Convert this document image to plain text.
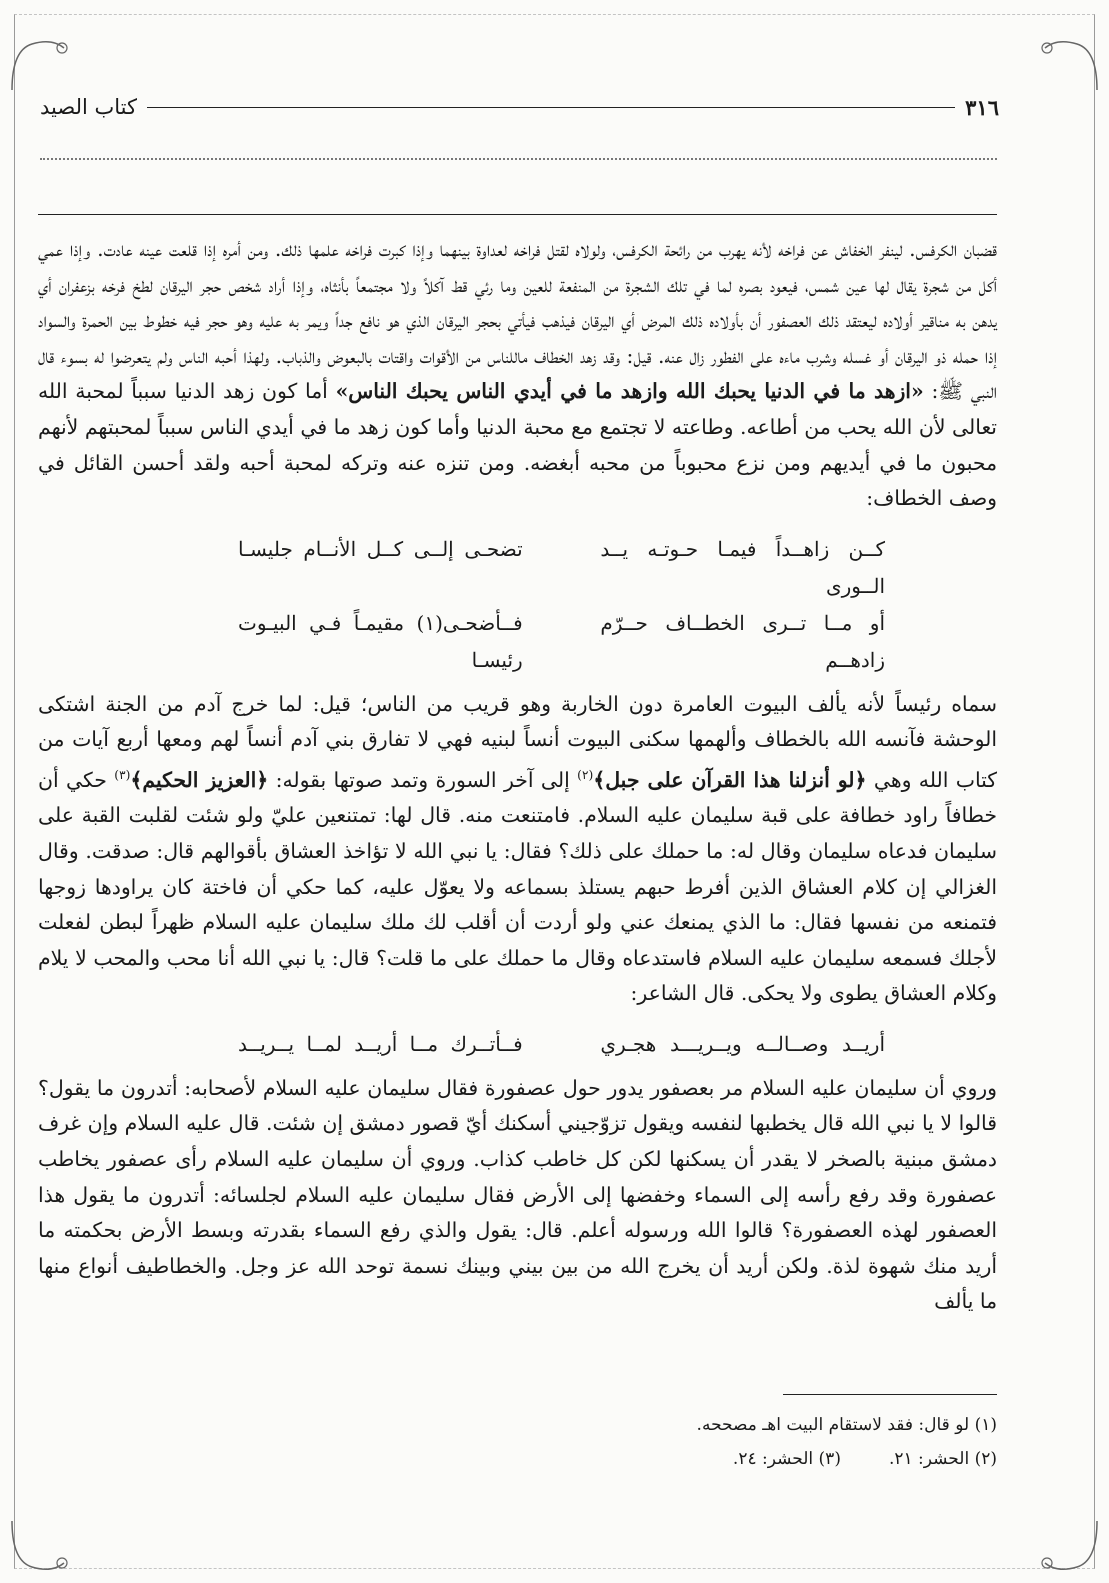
٣١٦
كتاب الصيد

قضبان الكرفس. لينفر الخفاش عن فراخه لأنه يهرب من رائحة الكرفس، ولولاه لقتل فراخه لعداوة بينهما وإذا كبرت فراخه علمها ذلك. ومن أمره إذا قلعت عينه عادت. وإذا عمي أكل من شجرة يقال لها عين شمس، فيعود بصره لما في تلك الشجرة من المنفعة للعين وما رئي قط آكلاً ولا مجتمعاً بأنثاه، وإذا أراد شخص حجر اليرقان لطخ فرخه بزعفران أي يدهن به مناقير أولاده ليعتقد ذلك العصفور أن بأولاده ذلك المرض أي اليرقان فيذهب فيأتي بحجر اليرقان الذي هو نافع جداً ويمر به عليه وهو حجر فيه خطوط بين الحمرة والسواد إذا حمله ذو اليرقان أو غسله وشرب ماءه على الفطور زال عنه. قيل: وقد زهد الخطاف ماللناس من الأقوات واقتات بالبعوض والذباب. ولهذا أحبه الناس ولم يتعرضوا له بسوء قال النبي ﷺ: «ازهد ما في الدنيا يحبك الله وازهد ما في أيدي الناس يحبك الناس» أما كون زهد الدنيا سبباً لمحبة الله تعالى لأن الله يحب من أطاعه. وطاعته لا تجتمع مع محبة الدنيا وأما كون زهد ما في أيدي الناس سبباً لمحبتهم لأنهم محبون ما في أيديهم ومن نزع محبوباً من محبه أبغضه. ومن تنزه عنه وتركه لمحبة أحبه ولقد أحسن القائل في وصف الخطاف:

كــن زاهــداً فيمـا حـوتـه يــد الــورى
تضحـى إلــى كــل الأنــام جليسـا
أو مــا تــرى الخطــاف حــرّم زادهــم
فــأضحـى(١) مقيمـاً فـي البيـوت رئيسـا

سماه رئيساً لأنه يألف البيوت العامرة دون الخاربة وهو قريب من الناس؛ قيل: لما خرج آدم من الجنة اشتكى الوحشة فآنسه الله بالخطاف وألهمها سكنى البيوت أنساً لبنيه فهي لا تفارق بني آدم أنساً لهم ومعها أربع آيات من كتاب الله وهي ﴿لو أنزلنا هذا القرآن على جبل﴾$^{(٢)}$ إلى آخر السورة وتمد صوتها بقوله: ﴿العزيز الحكيم﴾$^{(٣)}$ حكي أن خطافاً راود خطافة على قبة سليمان عليه السلام. فامتنعت منه. قال لها: تمتنعين عليّ ولو شئت لقلبت القبة على سليمان فدعاه سليمان وقال له: ما حملك على ذلك؟ فقال: يا نبي الله لا تؤاخذ العشاق بأقوالهم قال: صدقت. وقال الغزالي إن كلام العشاق الذين أفرط حبهم يستلذ بسماعه ولا يعوّل عليه، كما حكي أن فاختة كان يراودها زوجها فتمنعه من نفسها فقال: ما الذي يمنعك عني ولو أردت أن أقلب لك ملك سليمان عليه السلام ظهراً لبطن لفعلت لأجلك فسمعه سليمان عليه السلام فاستدعاه وقال ما حملك على ما قلت؟ قال: يا نبي الله أنا محب والمحب لا يلام وكلام العشاق يطوى ولا يحكى. قال الشاعر:

أريــد وصــالــه ويــريـــد هجـري
فــأتــرك مــا أريــد لمــا يــريــد

وروي أن سليمان عليه السلام مر بعصفور يدور حول عصفورة فقال سليمان عليه السلام لأصحابه: أتدرون ما يقول؟ قالوا لا يا نبي الله قال يخطبها لنفسه ويقول تزوّجيني أسكنك أيّ قصور دمشق إن شئت. قال عليه السلام وإن غرف دمشق مبنية بالصخر لا يقدر أن يسكنها لكن كل خاطب كذاب. وروي أن سليمان عليه السلام رأى عصفور يخاطب عصفورة وقد رفع رأسه إلى السماء وخفضها إلى الأرض فقال سليمان عليه السلام لجلسائه: أتدرون ما يقول هذا العصفور لهذه العصفورة؟ قالوا الله ورسوله أعلم. قال: يقول والذي رفع السماء بقدرته وبسط الأرض بحكمته ما أريد منك شهوة لذة. ولكن أريد أن يخرج الله من بين بيني وبينك نسمة توحد الله عز وجل. والخطاطيف أنواع منها ما يألف

(١) لو قال: فقد لاستقام البيت اهـ مصححه.
(٢) الحشر: ٢١.
(٣) الحشر: ٢٤.
